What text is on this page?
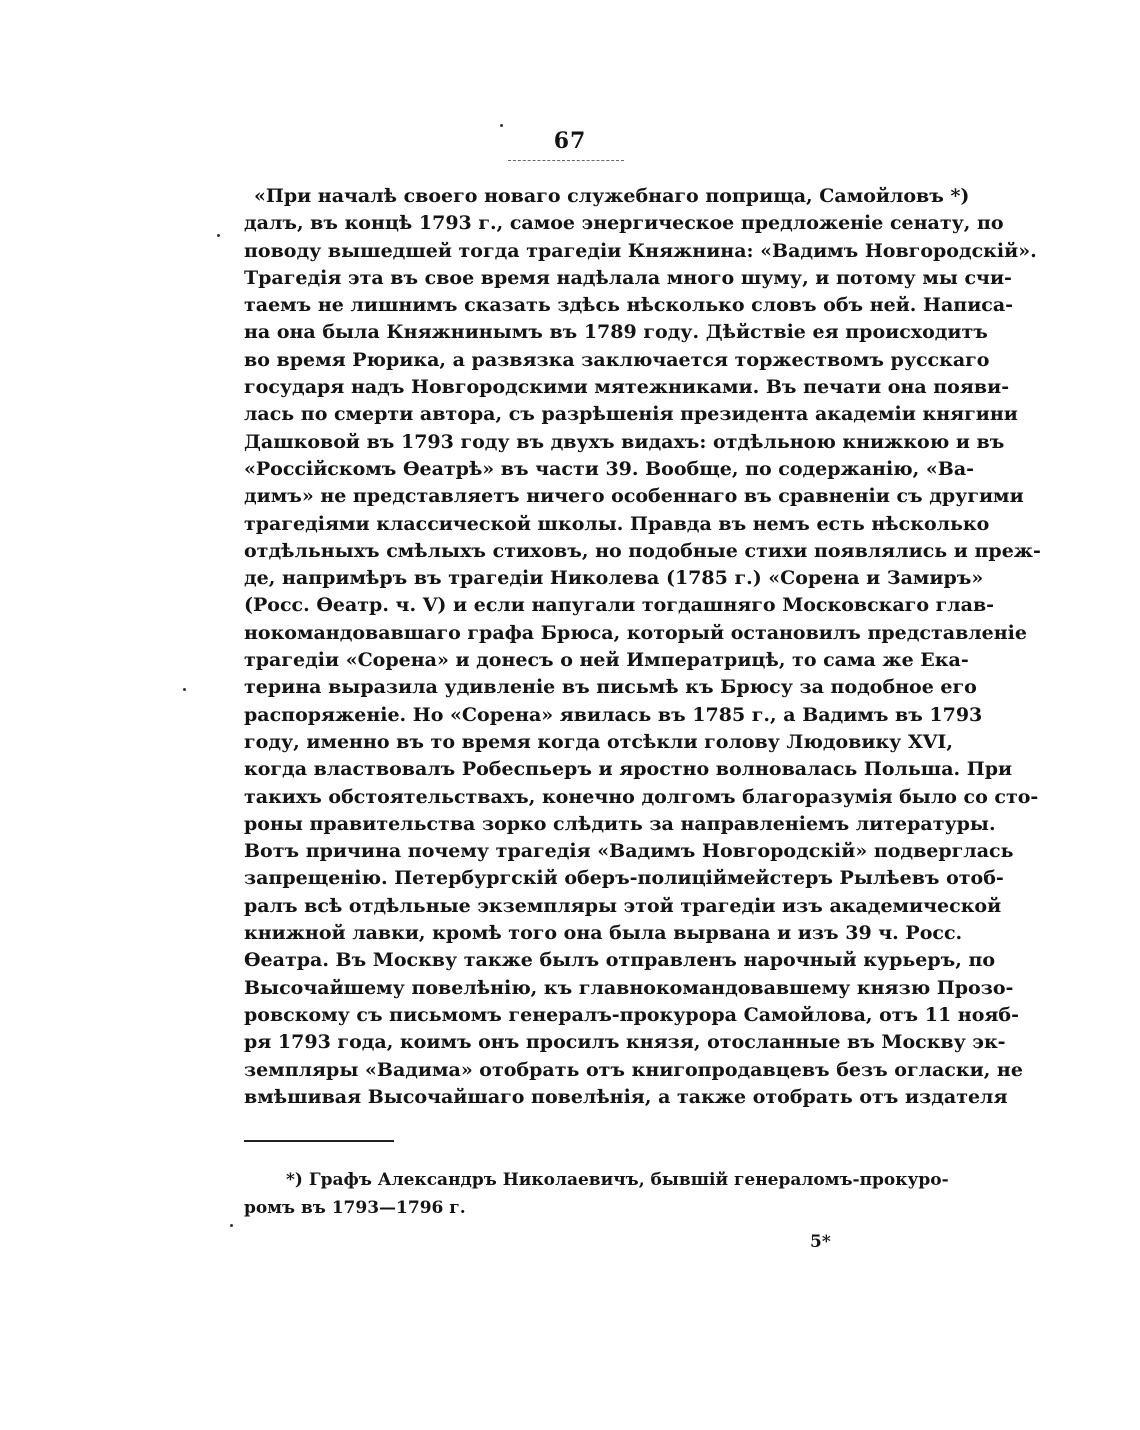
67
«При началѣ своего новаго служебнаго поприща, Самойловъ *)
далъ, въ концѣ 1793 г., самое энергическое предложеніе сенату, по
поводу вышедшей тогда трагедіи Княжнина: «Вадимъ Новгородскій».
Трагедія эта въ свое время надѣлала много шуму, и потому мы счи-
таемъ не лишнимъ сказать здѣсь нѣсколько словъ объ ней. Написа-
на она была Княжнинымъ въ 1789 году. Дѣйствіе ея происходитъ
во время Рюрика, а развязка заключается торжествомъ русскаго
государя надъ Новгородскими мятежниками. Въ печати она появи-
лась по смерти автора, съ разрѣшенія президента академіи княгини
Дашковой въ 1793 году въ двухъ видахъ: отдѣльною книжкою и въ
«Россійскомъ Ѳеатрѣ» въ части 39. Вообще, по содержанію, «Ва-
димъ» не представляетъ ничего особеннаго въ сравненіи съ другими
трагедіями классической школы. Правда въ немъ есть нѣсколько
отдѣльныхъ смѣлыхъ стиховъ, но подобные стихи появлялись и преж-
де, напримѣръ въ трагедіи Николева (1785 г.) «Сорена и Замиръ»
(Росс. Ѳеатр. ч. V) и если напугали тогдашняго Московскаго глав-
нокомандовавшаго графа Брюса, который остановилъ представленіе
трагедіи «Сорена» и донесъ о ней Императрицѣ, то сама же Ека-
терина выразила удивленіе въ письмѣ къ Брюсу за подобное его
распоряженіе. Но «Сорена» явилась въ 1785 г., а Вадимъ въ 1793
году, именно въ то время когда отсѣкли голову Людовику XVI,
когда властвовалъ Робеспьеръ и яростно волновалась Польша. При
такихъ обстоятельствахъ, конечно долгомъ благоразумія было со сто-
роны правительства зорко слѣдить за направленіемъ литературы.
Вотъ причина почему трагедія «Вадимъ Новгородскій» подверглась
запрещенію. Петербургскій оберъ-полиціймейстеръ Рылѣевъ отоб-
ралъ всѣ отдѣльные экземпляры этой трагедіи изъ академической
книжной лавки, кромѣ того она была вырвана и изъ 39 ч. Росс.
Ѳеатра. Въ Москву также былъ отправленъ нарочный курьеръ, по
Высочайшему повелѣнію, къ главнокомандовавшему князю Прозо-
ровскому съ письмомъ генералъ-прокурора Самойлова, отъ 11 нояб-
ря 1793 года, коимъ онъ просилъ князя, отосланные въ Москву эк-
земпляры «Вадима» отобрать отъ книгопродавцевъ безъ огласки, не
вмѣшивая Высочайшаго повелѣнія, а также отобрать отъ издателя
*) Графъ Александръ Николаевичъ, бывшій генераломъ-прокуро-
ромъ въ 1793—1796 г.
5*
